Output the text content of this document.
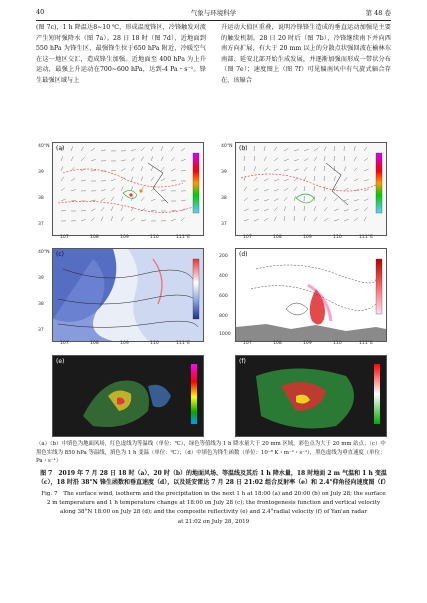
40	气象与环境科学	第 48 卷
(图 7c)，1 h 降温达8~10 ℃，形成温度锋区，冷锋触发对流产生短时强降水（图 7a）。28 日 18 时（图 7d），近地面到 550 hPa 为锋生区，最强锋生位于650 hPa 附近，冷暖空气在这一地区交汇，造成锋生加强。近地面至 400 hPa 为上升运动，最强上升运动在700~600 hPa，达到-4 Pa・s⁻¹。锋生最强区域与上
升运动大值区重叠，说明冷锋锋生造成的垂直运动加强是主要的触发机制。28 日 20 时后（图 7b），冷锋继续南下并向西南方向扩展，有大于 20 mm 以上的分散点状强回波在榆林东南部、延安北部开始生成发展，并逐渐加强而形成一带状分布（图 7e）；速度图上（图 7f）可见偏南风中有气旋式辐合存在，该辐合
(a)	(b)
(c)	(d)
(e)	(f)
40°N
39
38
37
107	108	109	110	111°E
40°N
39
38
37
107	108	109	110	111°E
40°N
39
38
37
107	108	109	110	111°E
200
400
600
800
1000
107	108	109	110	111°E
（a）（b）中填色为地面风场，红色虚线为等温线（单位：℃），绿色等值线为 1 h 降水量大于 20 mm 区域，彩色点为大于 20 mm 站点；（c）中黑色实线为 850 hPa 等温线，填色为 1 h 变温（单位：℃）；（d）中填色为锋生函数（单位：10⁻⁸ K・m⁻¹・s⁻¹），黑色虚线为垂直速度（单位：Pa・s⁻¹）
图 7　2019 年 7 月 28 日 18 时（a）、20 时（b）的地面风场、等温线及其后 1 h 降水量，18 时地面 2 m 气温和 1 h 变温（c），18 时沿 38°N 锋生函数和垂直速度（d），以及延安雷达 7 月 28 日 21:02 组合反射率（e）和 2.4°仰角径向速度图（f）
Fig. 7　The surface wind, isotherm and the precipitation in the next 1 h at 18:00 (a) and 20:00 (b) on July 28; the surface
2 m temperature and 1 h temperature change at 18:00 on July 28 (c); the frontogenesis function and vertical velocity
along 38°N 18:00 on July 28 (d); and the composite reflectivity (e) and 2.4°radial velocity (f) of Yan'an radar
at 21:02 on July 28, 2019
